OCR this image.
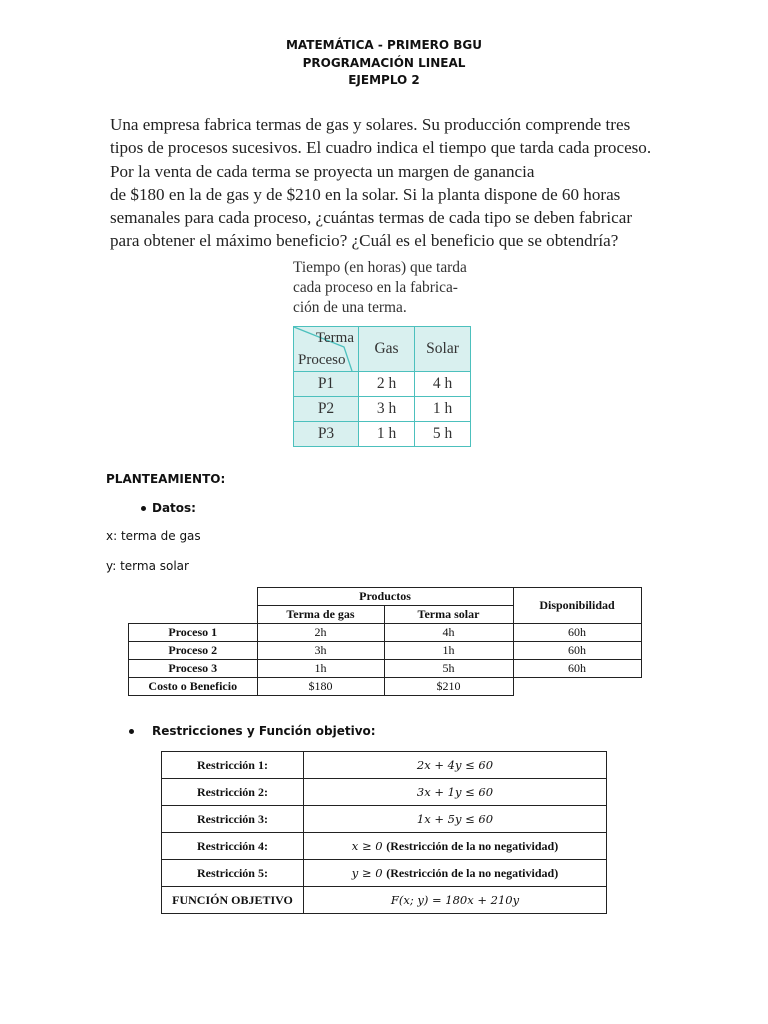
MATEMÁTICA - PRIMERO BGU
PROGRAMACIÓN LINEAL
EJEMPLO 2
Una empresa fabrica termas de gas y solares. Su producción comprende tres
tipos de procesos sucesivos. El cuadro indica el tiempo que tarda cada proceso.
Por la venta de cada terma se proyecta un margen de ganancia
de $180 en la de gas y de $210 en la solar. Si la planta dispone de 60 horas
semanales para cada proceso, ¿cuántas termas de cada tipo se deben fabricar
para obtener el máximo beneficio? ¿Cuál es el beneficio que se obtendría?
Tiempo (en horas) que tarda
cada proceso en la fabrica-
ción de una terma.
Terma
Proceso	Gas	Solar
P1	2 h	4 h
P2	3 h	1 h
P3	1 h	5 h
PLANTEAMIENTO:
Datos:
x: terma de gas
y: terma solar
	Productos		Disponibilidad
	Terma de gas	Terma solar	
Proceso 1	2h	4h	60h
Proceso 2	3h	1h	60h
Proceso 3	1h	5h	60h
Costo o Beneficio	$180	$210	
Restricciones y Función objetivo:
Restricción 1:	2x + 4y ≤ 60
Restricción 2:	3x + 1y ≤ 60
Restricción 3:	1x + 5y ≤ 60
Restricción 4:	x ≥ 0 (Restricción de la no negatividad)
Restricción 5:	y ≥ 0 (Restricción de la no negatividad)
FUNCIÓN OBJETIVO	F(x; y) = 180x + 210y
